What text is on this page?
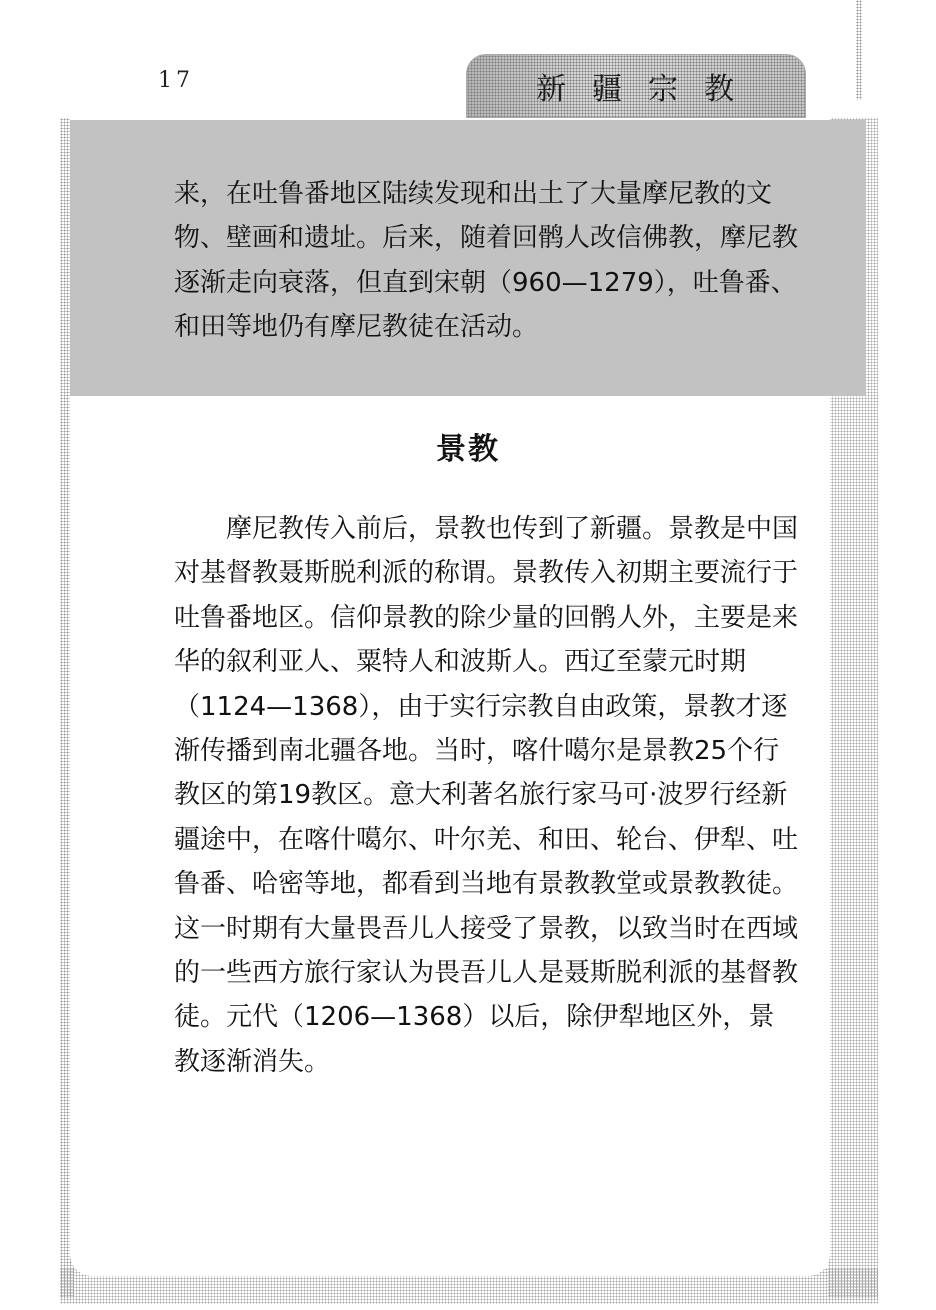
17	新疆宗教

来，在吐鲁番地区陆续发现和出土了大量摩尼教的文物、壁画和遗址。后来，随着回鹘人改信佛教，摩尼教逐渐走向衰落，但直到宋朝（960—1279），吐鲁番、和田等地仍有摩尼教徒在活动。

景教

摩尼教传入前后，景教也传到了新疆。景教是中国对基督教聂斯脱利派的称谓。景教传入初期主要流行于吐鲁番地区。信仰景教的除少量的回鹘人外，主要是来华的叙利亚人、粟特人和波斯人。西辽至蒙元时期（1124—1368），由于实行宗教自由政策，景教才逐渐传播到南北疆各地。当时，喀什噶尔是景教25个行教区的第19教区。意大利著名旅行家马可·波罗行经新疆途中，在喀什噶尔、叶尔羌、和田、轮台、伊犁、吐鲁番、哈密等地，都看到当地有景教教堂或景教教徒。这一时期有大量畏吾儿人接受了景教，以致当时在西域的一些西方旅行家认为畏吾儿人是聂斯脱利派的基督教徒。元代（1206—1368）以后，除伊犁地区外，景教逐渐消失。
